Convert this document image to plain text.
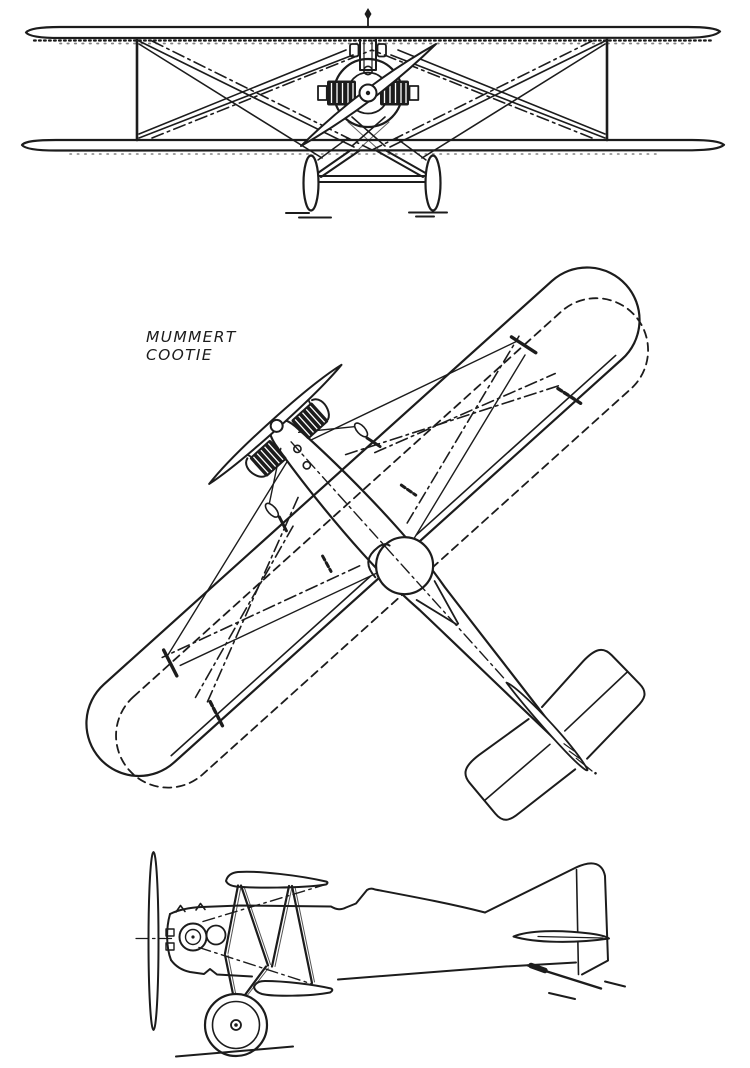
MUMMERT
COOTIE
